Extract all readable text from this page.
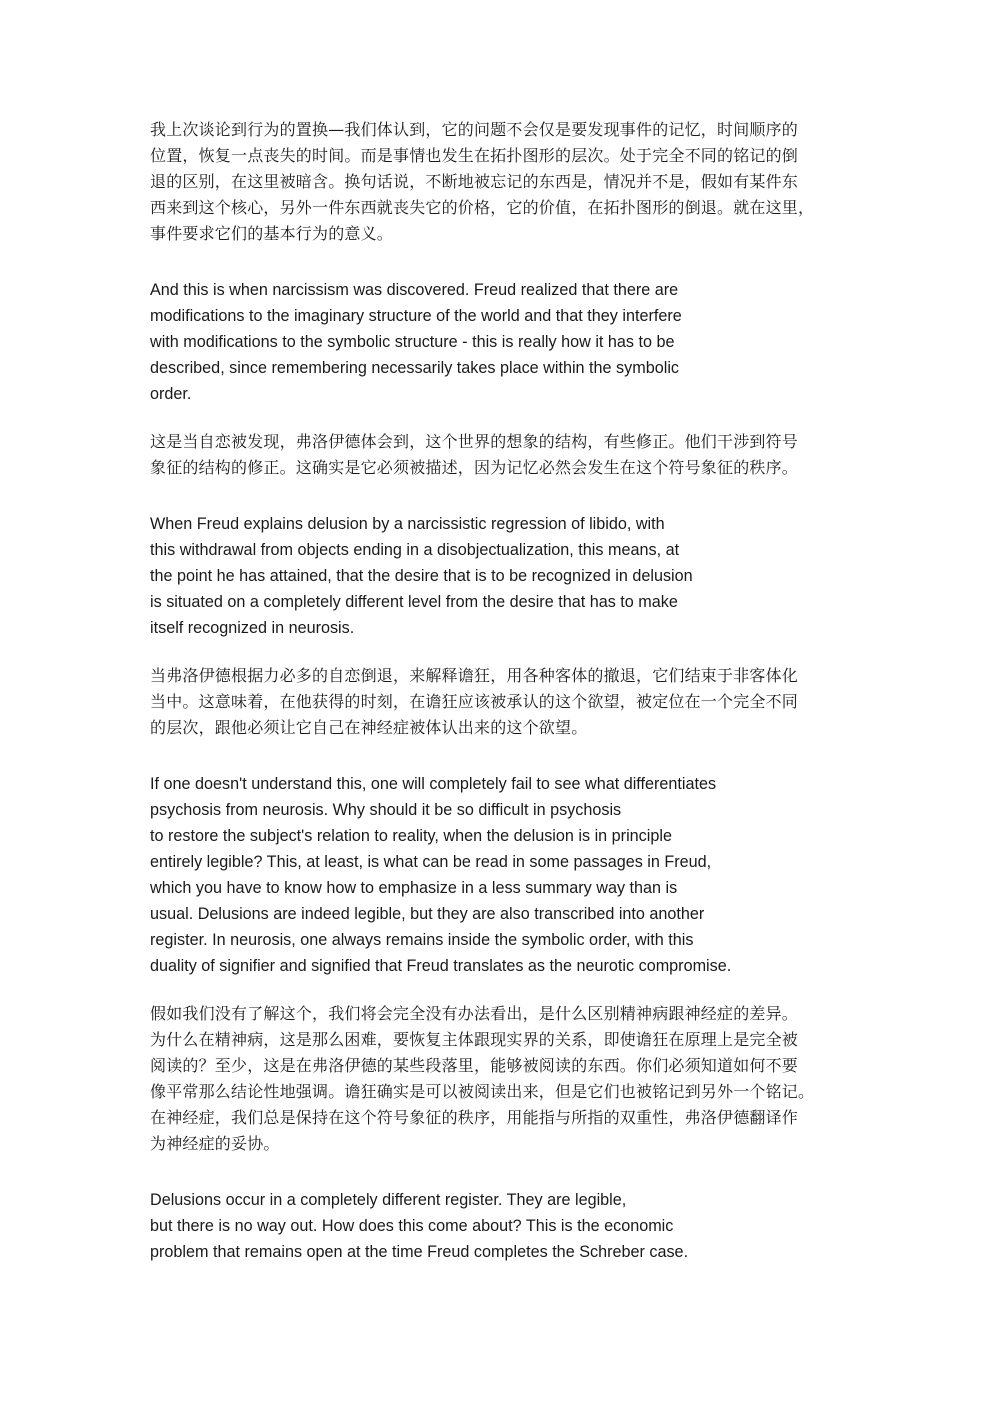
我上次谈论到行为的置换—我们体认到，它的问题不会仅是要发现事件的记忆，时间顺序的
位置，恢复一点丧失的时间。而是事情也发生在拓扑图形的层次。处于完全不同的铭记的倒
退的区别，在这里被暗含。换句话说，不断地被忘记的东西是，情况并不是，假如有某件东
西来到这个核心，另外一件东西就丧失它的价格，它的价值，在拓扑图形的倒退。就在这里，
事件要求它们的基本行为的意义。
And this is when narcissism was discovered. Freud realized that there are
modifications to the imaginary structure of the world and that they interfere
with modifications to the symbolic structure - this is really how it has to be
described, since remembering necessarily takes place within the symbolic
order.
这是当自恋被发现，弗洛伊德体会到，这个世界的想象的结构，有些修正。他们干涉到符号
象征的结构的修正。这确实是它必须被描述，因为记忆必然会发生在这个符号象征的秩序。
When Freud explains delusion by a narcissistic regression of libido, with
this withdrawal from objects ending in a disobjectualization, this means, at
the point he has attained, that the desire that is to be recognized in delusion
is situated on a completely different level from the desire that has to make
itself recognized in neurosis.
当弗洛伊德根据力必多的自恋倒退，来解释谵狂，用各种客体的撤退，它们结束于非客体化
当中。这意味着，在他获得的时刻，在谵狂应该被承认的这个欲望，被定位在一个完全不同
的层次，跟他必须让它自己在神经症被体认出来的这个欲望。
If one doesn't understand this, one will completely fail to see what differentiates
psychosis from neurosis. Why should it be so difficult in psychosis
to restore the subject's relation to reality, when the delusion is in principle
entirely legible? This, at least, is what can be read in some passages in Freud,
which you have to know how to emphasize in a less summary way than is
usual. Delusions are indeed legible, but they are also transcribed into another
register. In neurosis, one always remains inside the symbolic order, with this
duality of signifier and signified that Freud translates as the neurotic compromise.
假如我们没有了解这个，我们将会完全没有办法看出，是什么区别精神病跟神经症的差异。
为什么在精神病，这是那么困难，要恢复主体跟现实界的关系，即使谵狂在原理上是完全被
阅读的？至少，这是在弗洛伊德的某些段落里，能够被阅读的东西。你们必须知道如何不要
像平常那么结论性地强调。谵狂确实是可以被阅读出来，但是它们也被铭记到另外一个铭记。
在神经症，我们总是保持在这个符号象征的秩序，用能指与所指的双重性，弗洛伊德翻译作
为神经症的妥协。
Delusions occur in a completely different register. They are legible,
but there is no way out. How does this come about? This is the economic
problem that remains open at the time Freud completes the Schreber case.
